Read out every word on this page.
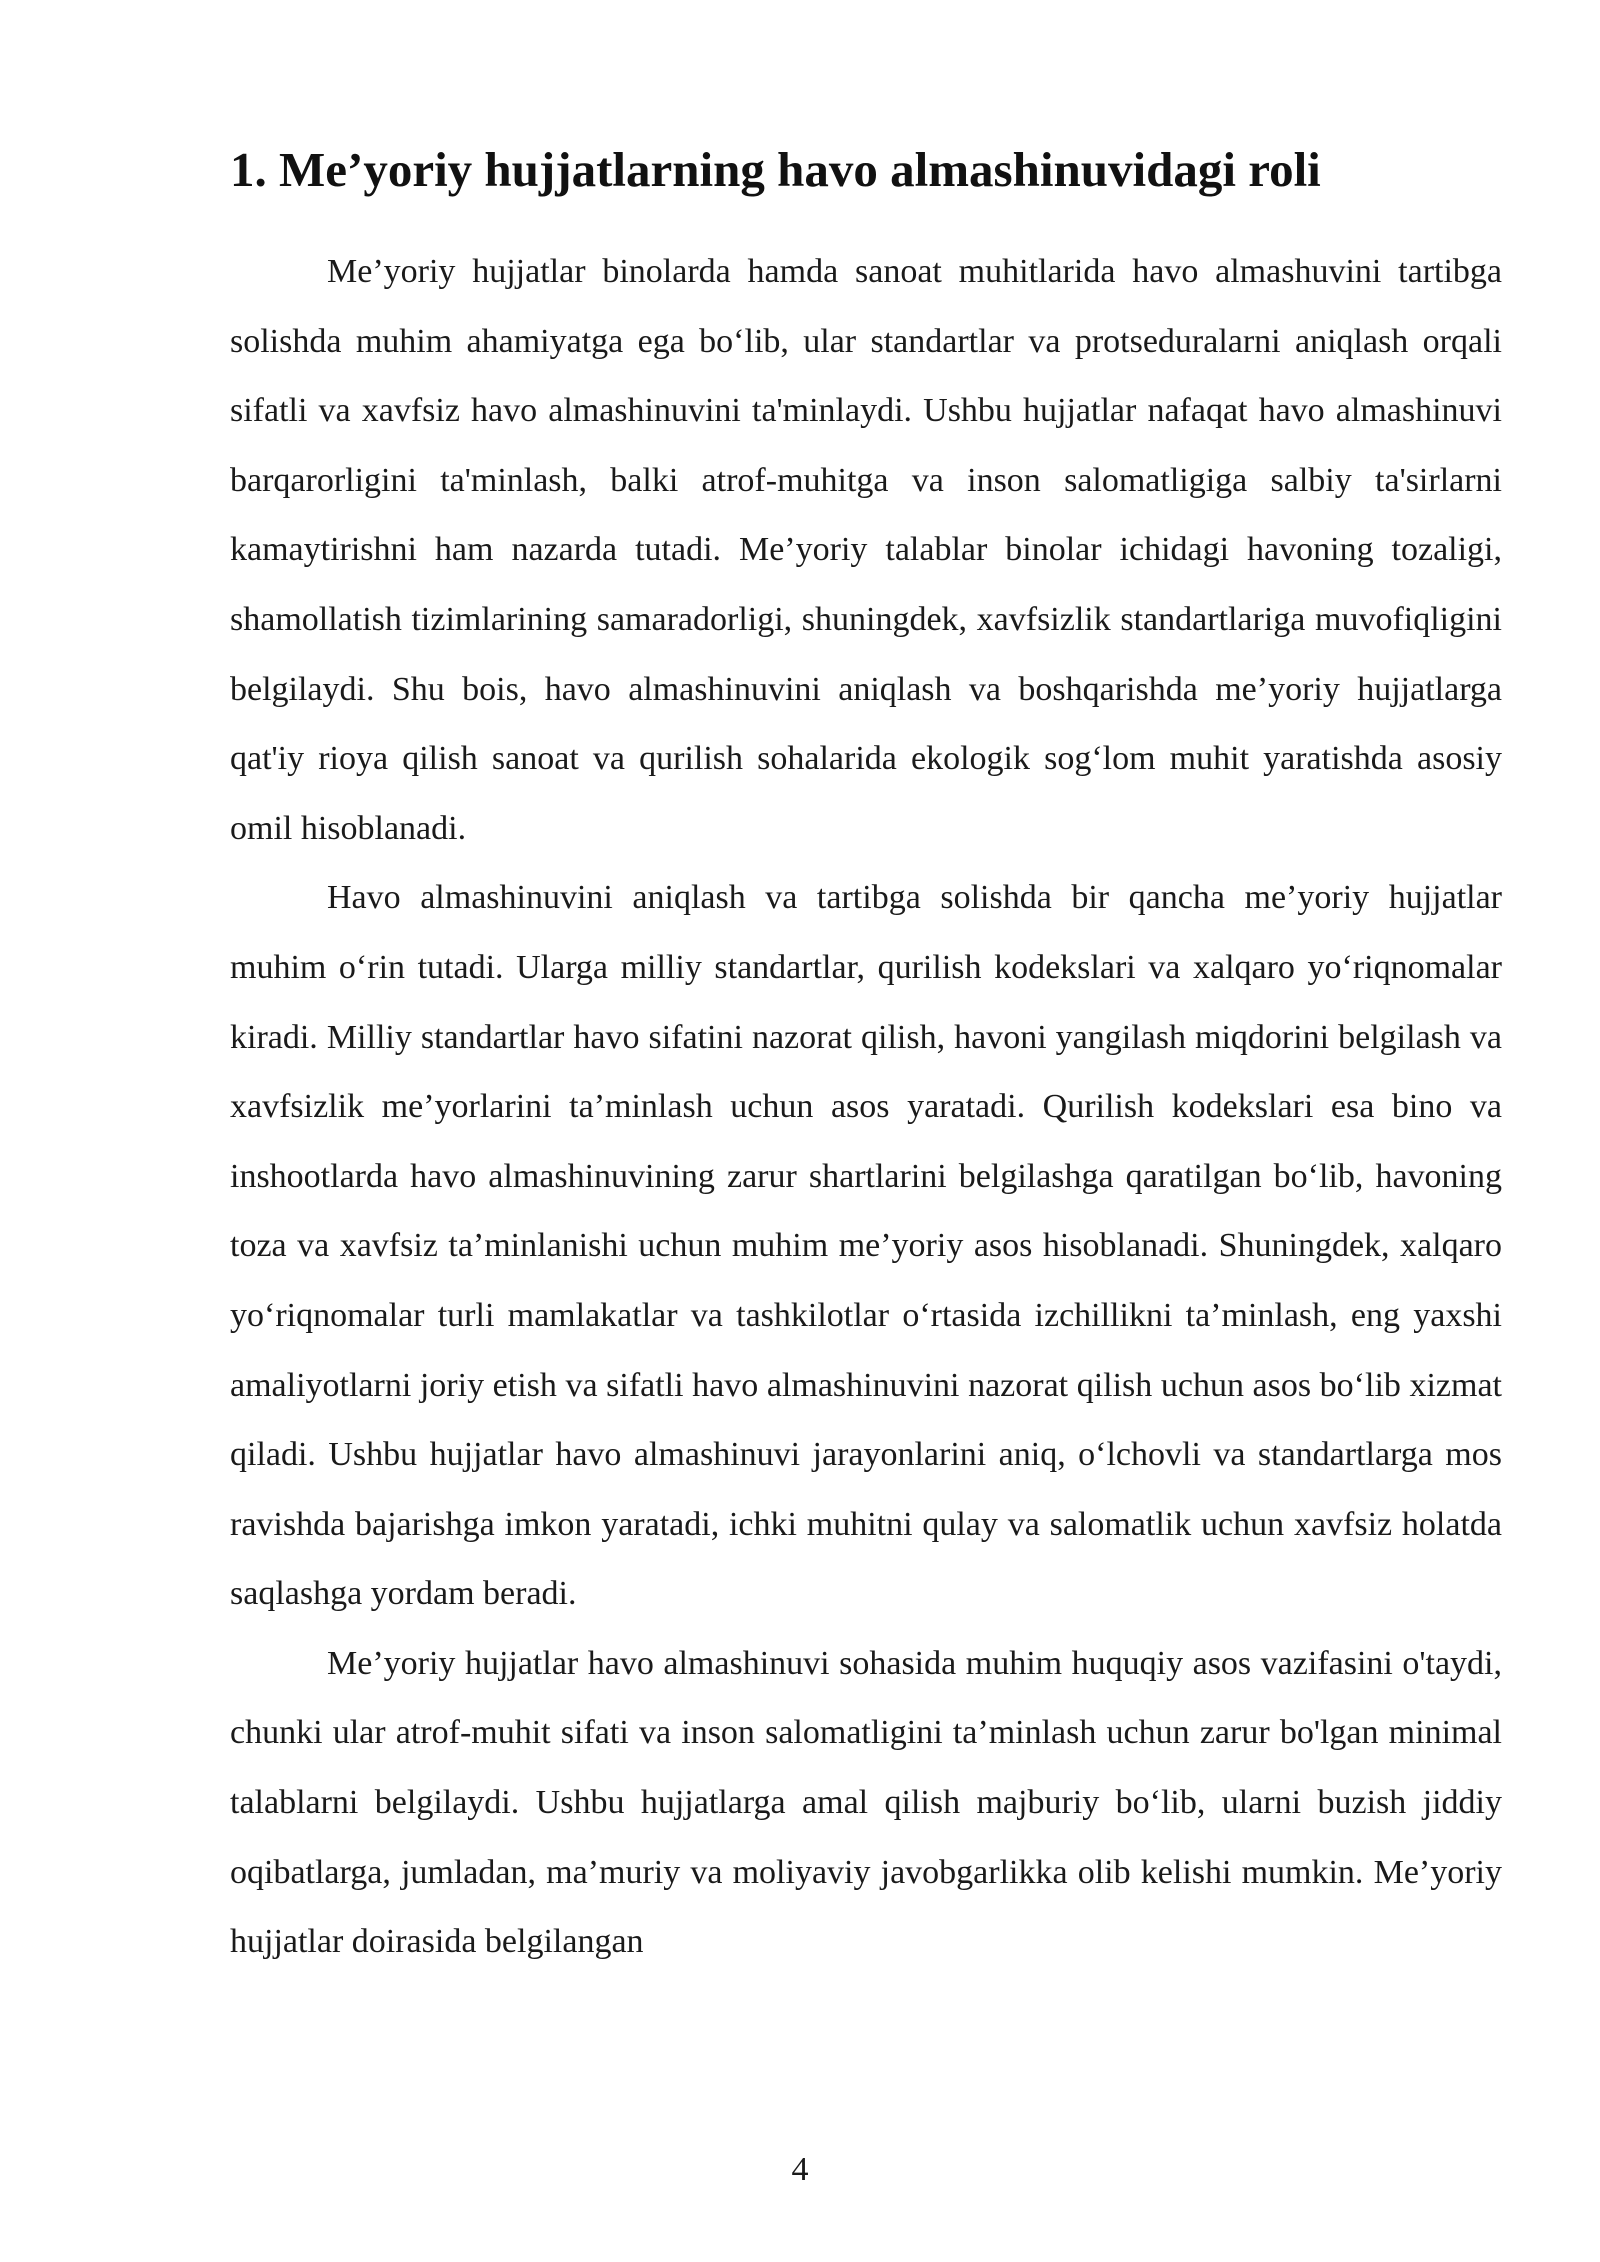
1. Me’yoriy hujjatlarning havo almashinuvidagi roli

Me’yoriy hujjatlar binolarda hamda sanoat muhitlarida havo almashuvini tartibga solishda muhim ahamiyatga ega bo‘lib, ular standartlar va protseduralarni aniqlash orqali sifatli va xavfsiz havo almashinuvini ta'minlaydi. Ushbu hujjatlar nafaqat havo almashinuvi barqarorligini ta'minlash, balki atrof-muhitga va inson salomatligiga salbiy ta'sirlarni kamaytirishni ham nazarda tutadi. Me’yoriy talablar binolar ichidagi havoning tozaligi, shamollatish tizimlarining samaradorligi, shuningdek, xavfsizlik standartlariga muvofiqligini belgilaydi. Shu bois, havo almashinuvini aniqlash va boshqarishda me’yoriy hujjatlarga qat'iy rioya qilish sanoat va qurilish sohalarida ekologik sog‘lom muhit yaratishda asosiy omil hisoblanadi.

Havo almashinuvini aniqlash va tartibga solishda bir qancha me’yoriy hujjatlar muhim o‘rin tutadi. Ularga milliy standartlar, qurilish kodekslari va xalqaro yo‘riqnomalar kiradi. Milliy standartlar havo sifatini nazorat qilish, havoni yangilash miqdorini belgilash va xavfsizlik me’yorlarini ta’minlash uchun asos yaratadi. Qurilish kodekslari esa bino va inshootlarda havo almashinuvining zarur shartlarini belgilashga qaratilgan bo‘lib, havoning toza va xavfsiz ta’minlanishi uchun muhim me’yoriy asos hisoblanadi. Shuningdek, xalqaro yo‘riqnomalar turli mamlakatlar va tashkilotlar o‘rtasida izchillikni ta’minlash, eng yaxshi amaliyotlarni joriy etish va sifatli havo almashinuvini nazorat qilish uchun asos bo‘lib xizmat qiladi. Ushbu hujjatlar havo almashinuvi jarayonlarini aniq, o‘lchovli va standartlarga mos ravishda bajarishga imkon yaratadi, ichki muhitni qulay va salomatlik uchun xavfsiz holatda saqlashga yordam beradi.

Me’yoriy hujjatlar havo almashinuvi sohasida muhim huquqiy asos vazifasini o'taydi, chunki ular atrof-muhit sifati va inson salomatligini ta’minlash uchun zarur bo'lgan minimal talablarni belgilaydi. Ushbu hujjatlarga amal qilish majburiy bo‘lib, ularni buzish jiddiy oqibatlarga, jumladan, ma’muriy va moliyaviy javobgarlikka olib kelishi mumkin. Me’yoriy hujjatlar doirasida belgilangan

4
